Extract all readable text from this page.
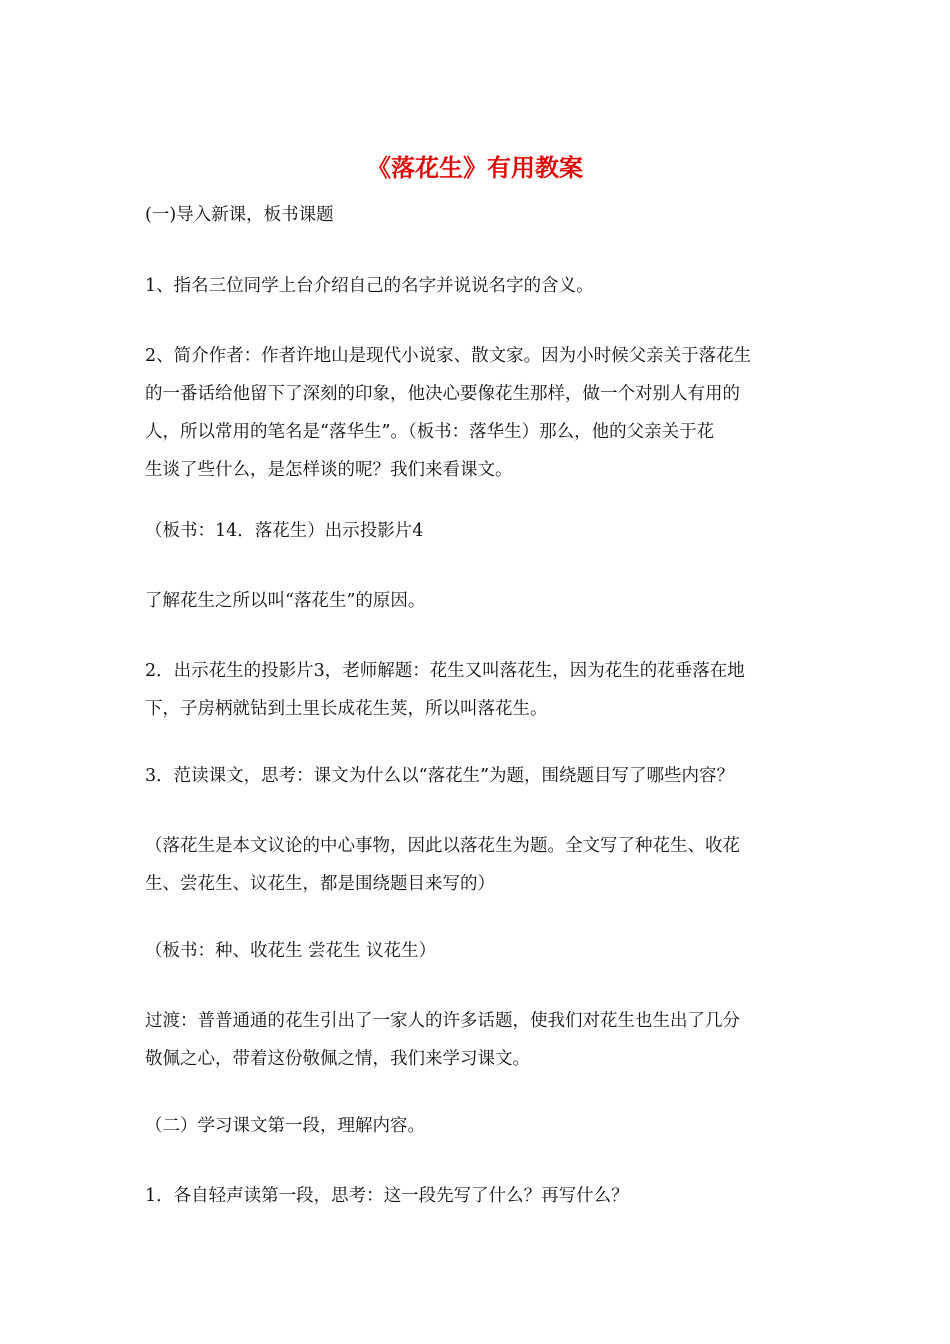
《落花生》有用教案

(一)导入新课，板书课题

1、指名三位同学上台介绍自己的名字并说说名字的含义。

2、简介作者：作者许地山是现代小说家、散文家。因为小时候父亲关于落花生
的一番话给他留下了深刻的印象，他决心要像花生那样，做一个对别人有用的
人，所以常用的笔名是“落华生”。（板书：落华生）那么，他的父亲关于花
生谈了些什么，是怎样谈的呢？我们来看课文。

（板书：14．落花生）出示投影片4

了解花生之所以叫“落花生”的原因。

2．出示花生的投影片3，老师解题：花生又叫落花生，因为花生的花垂落在地
下，子房柄就钻到土里长成花生荚，所以叫落花生。

3．范读课文，思考：课文为什么以“落花生”为题，围绕题目写了哪些内容？

（落花生是本文议论的中心事物，因此以落花生为题。全文写了种花生、收花
生、尝花生、议花生，都是围绕题目来写的）

（板书：种、收花生 尝花生 议花生）

过渡：普普通通的花生引出了一家人的许多话题，使我们对花生也生出了几分
敬佩之心，带着这份敬佩之情，我们来学习课文。

（二）学习课文第一段，理解内容。

1．各自轻声读第一段，思考：这一段先写了什么？再写什么？
